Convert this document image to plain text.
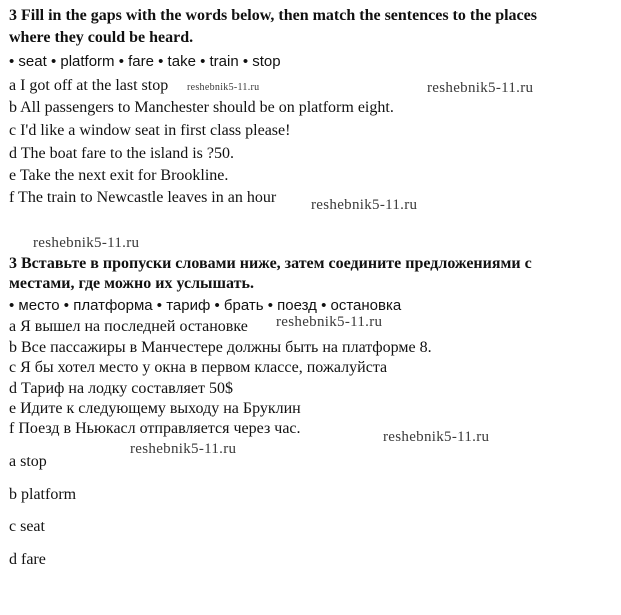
3 Fill in the gaps with the words below, then match the sentences to the places
where they could be heard.
• seat • platform • fare • take • train • stop
a I got off at the last stop
b All passengers to Manchester should be on platform eight.
c I'd like a window seat in first class please!
d The boat fare to the island is ?50.
e Take the next exit for Brookline.
f The train to Newcastle leaves in an hour
3 Вставьте в пропуски словами ниже, затем соедините предложениями с
местами, где можно их услышать.
• место • платформа • тариф • брать • поезд • остановка
а Я вышел на последней остановке
b Все пассажиры в Манчестере должны быть на платформе 8.
c Я бы хотел место у окна в первом классе, пожалуйста
d Тариф на лодку составляет 50$
e Идите к следующему выходу на Бруклин
f Поезд в Ньюкасл отправляется через час.
a stop
b platform
c seat
d fare
reshebnik5-11.ru	reshebnik5-11.ru
reshebnik5-11.ru
reshebnik5-11.ru
reshebnik5-11.ru
reshebnik5-11.ru
reshebnik5-11.ru
